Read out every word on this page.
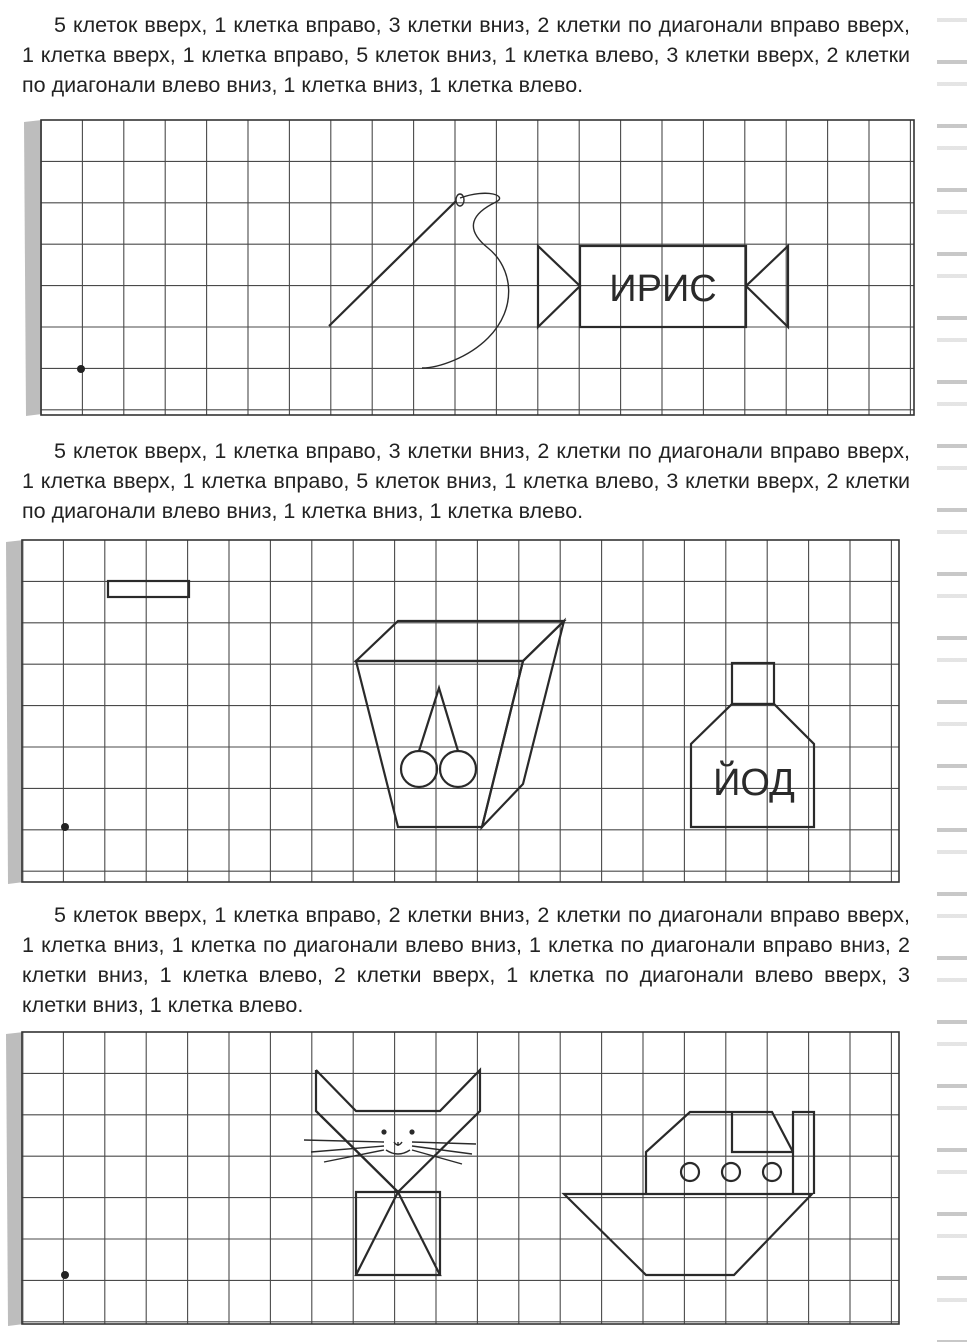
5 клеток вверх, 1 клетка вправо, 3 клетки вниз, 2 клетки по диагонали вправо вверх, 1 клетка вверх, 1 клетка вправо, 5 клеток вниз, 1 клетка влево, 3 клетки вверх, 2 клетки по диагонали влево вниз, 1 клетка вниз, 1 клетка влево.

ИРИС

5 клеток вверх, 1 клетка вправо, 3 клетки вниз, 2 клетки по диагонали вправо вверх, 1 клетка вверх, 1 клетка вправо, 5 клеток вниз, 1 клетка влево, 3 клетки вверх, 2 клетки по диагонали влево вниз, 1 клетка вниз, 1 клетка влево.

ЙОД

5 клеток вверх, 1 клетка вправо, 2 клетки вниз, 2 клетки по диагонали вправо вверх, 1 клетка вниз, 1 клетка по диагонали влево вниз, 1 клетка по диагонали вправо вниз, 2 клетки вниз, 1 клетка влево, 2 клетки вверх, 1 клетка по диагонали влево вверх, 3 клетки вниз, 1 клетка влево.
